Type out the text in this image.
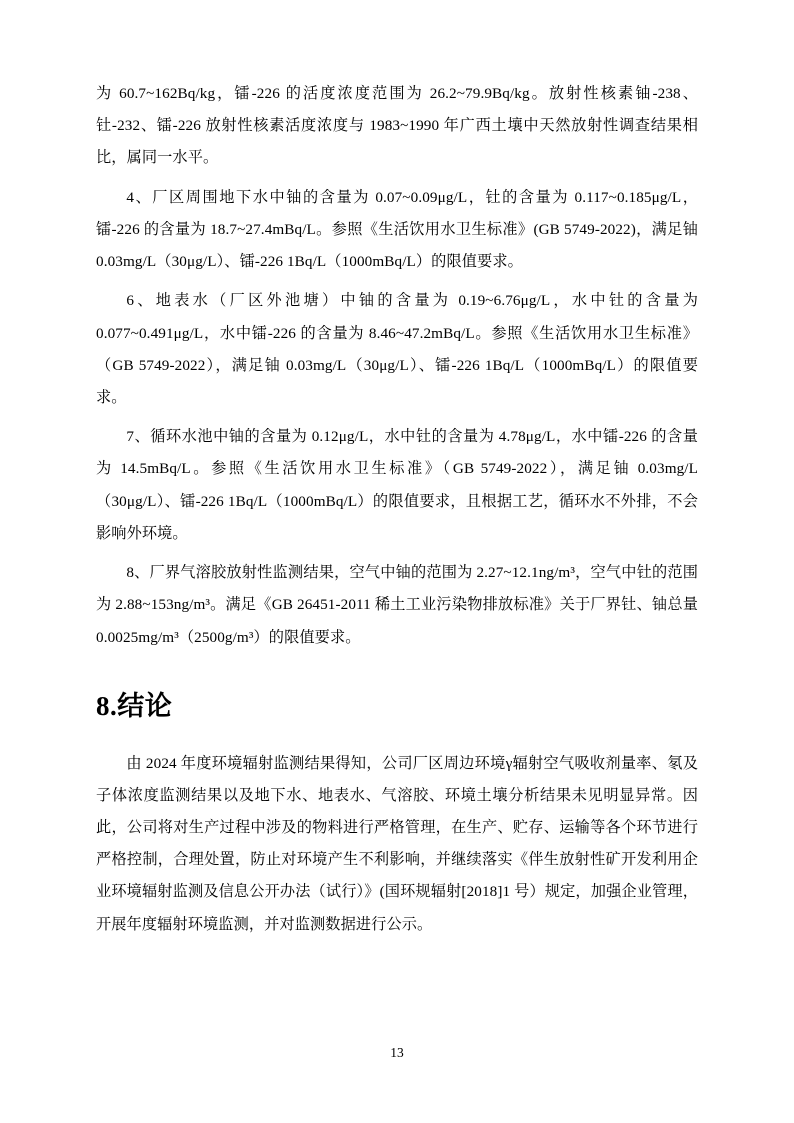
为 60.7~162Bq/kg，镭-226 的活度浓度范围为 26.2~79.9Bq/kg。放射性核素铀-238、钍-232、镭-226 放射性核素活度浓度与 1983~1990 年广西土壤中天然放射性调查结果相比，属同一水平。

4、厂区周围地下水中铀的含量为 0.07~0.09μg/L，钍的含量为 0.117~0.185μg/L，镭-226 的含量为 18.7~27.4mBq/L。参照《生活饮用水卫生标准》(GB 5749-2022)，满足铀 0.03mg/L（30μg/L）、镭-226 1Bq/L（1000mBq/L）的限值要求。

6、地表水（厂区外池塘）中铀的含量为 0.19~6.76μg/L，水中钍的含量为 0.077~0.491μg/L，水中镭-226 的含量为 8.46~47.2mBq/L。参照《生活饮用水卫生标准》（GB 5749-2022），满足铀 0.03mg/L（30μg/L）、镭-226 1Bq/L（1000mBq/L）的限值要求。

7、循环水池中铀的含量为 0.12μg/L，水中钍的含量为 4.78μg/L，水中镭-226 的含量为 14.5mBq/L。参照《生活饮用水卫生标准》（GB 5749-2022），满足铀 0.03mg/L（30μg/L）、镭-226 1Bq/L（1000mBq/L）的限值要求，且根据工艺，循环水不外排，不会影响外环境。

8、厂界气溶胶放射性监测结果，空气中铀的范围为 2.27~12.1ng/m³，空气中钍的范围为 2.88~153ng/m³。满足《GB 26451-2011 稀土工业污染物排放标准》关于厂界钍、铀总量 0.0025mg/m³（2500g/m³）的限值要求。

8.结论

由 2024 年度环境辐射监测结果得知，公司厂区周边环境γ辐射空气吸收剂量率、氡及子体浓度监测结果以及地下水、地表水、气溶胶、环境土壤分析结果未见明显异常。因此，公司将对生产过程中涉及的物料进行严格管理，在生产、贮存、运输等各个环节进行严格控制，合理处置，防止对环境产生不利影响，并继续落实《伴生放射性矿开发利用企业环境辐射监测及信息公开办法（试行）》(国环规辐射[2018]1 号）规定，加强企业管理，开展年度辐射环境监测，并对监测数据进行公示。

13
